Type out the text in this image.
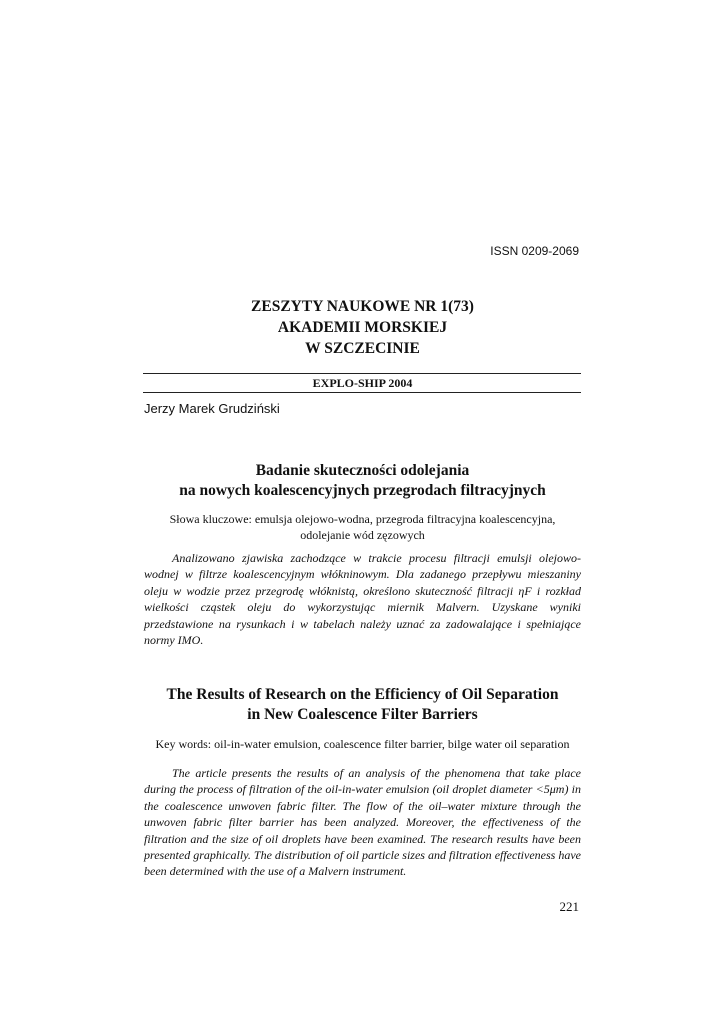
ISSN 0209-2069
ZESZYTY NAUKOWE NR 1(73)
AKADEMII MORSKIEJ
W SZCZECINIE
EXPLO-SHIP 2004
Jerzy Marek Grudziński
Badanie skuteczności odolejania
na nowych koalescencyjnych przegrodach filtracyjnych
Słowa kluczowe: emulsja olejowo-wodna, przegroda filtracyjna koalescencyjna,
odolejanie wód zęzowych
Analizowano zjawiska zachodzące w trakcie procesu filtracji emulsji olejowo-wodnej w filtrze koalescencyjnym włókninowym. Dla zadanego przepływu mieszaniny oleju w wodzie przez przegrodę włóknistą, określono skuteczność filtracji ηF i rozkład wielkości cząstek oleju do wykorzystując miernik Malvern. Uzyskane wyniki przedstawione na rysunkach i w tabelach należy uznać za zadowalające i spełniające normy IMO.
The Results of Research on the Efficiency of Oil Separation
in New Coalescence Filter Barriers
Key words: oil-in-water emulsion, coalescence filter barrier, bilge water oil separation
The article presents the results of an analysis of the phenomena that take place during the process of filtration of the oil-in-water emulsion (oil droplet diameter <5μm) in the coalescence unwoven fabric filter. The flow of the oil–water mixture through the unwoven fabric filter barrier has been analyzed. Moreover, the effectiveness of the filtration and the size of oil droplets have been examined. The research results have been presented graphically. The distribution of oil particle sizes and filtration effectiveness have been determined with the use of a Malvern instrument.
221
